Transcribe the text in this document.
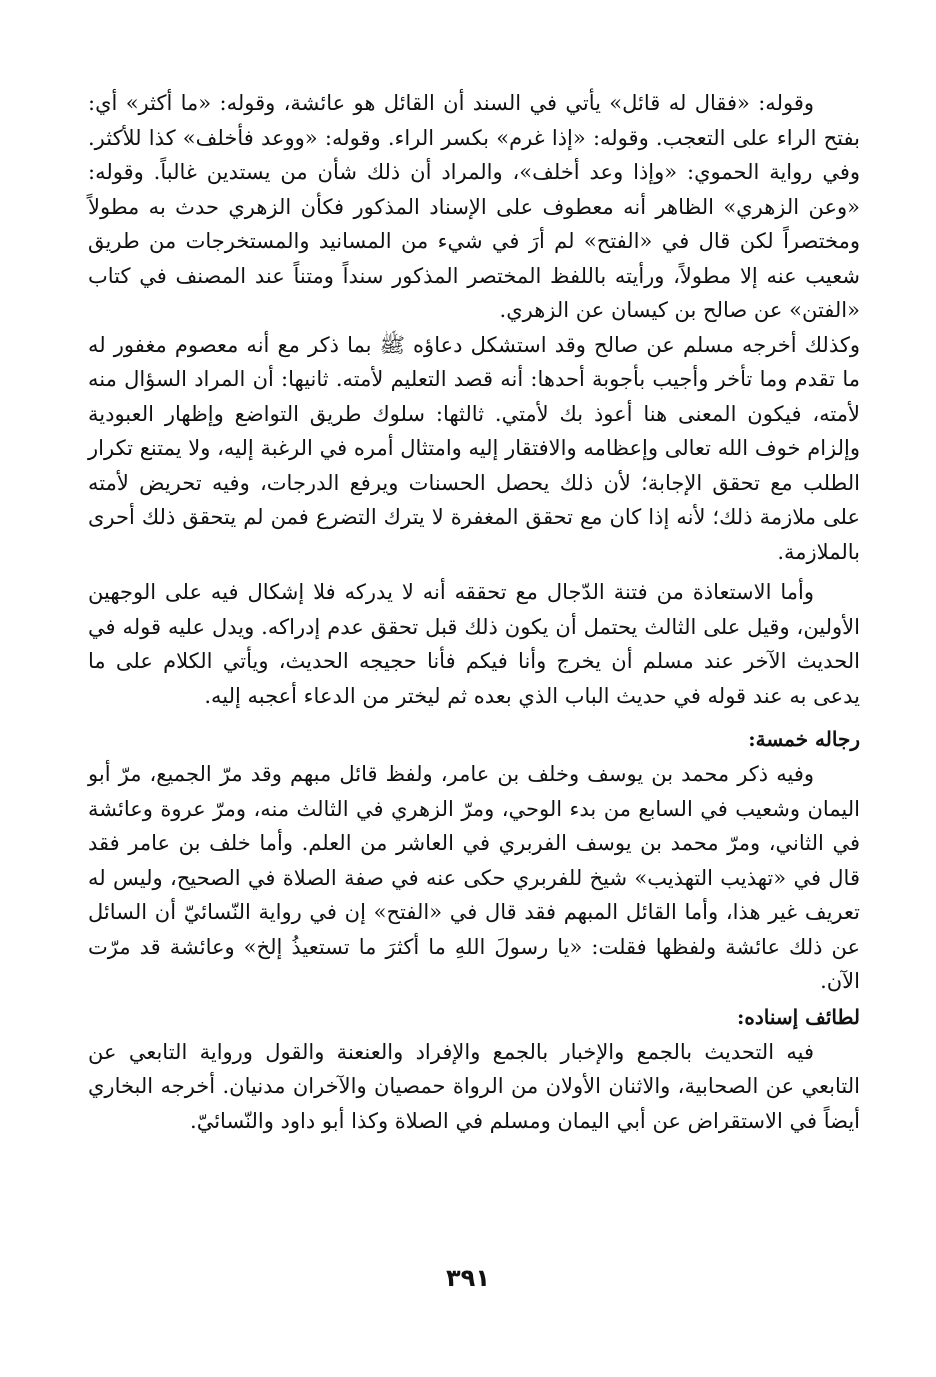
وقوله: «فقال له قائل» يأتي في السند أن القائل هو عائشة، وقوله: «ما أكثر» أي: بفتح الراء على التعجب. وقوله: «إذا غرم» بكسر الراء. وقوله: «ووعد فأخلف» كذا للأكثر. وفي رواية الحموي: «وإذا وعد أخلف»، والمراد أن ذلك شأن من يستدين غالباً. وقوله: «وعن الزهري» الظاهر أنه معطوف على الإسناد المذكور فكأن الزهري حدث به مطولاً ومختصراً لكن قال في «الفتح» لم أرَ في شيء من المسانيد والمستخرجات من طريق شعيب عنه إلا مطولاً، ورأيته باللفظ المختصر المذكور سنداً ومتناً عند المصنف في كتاب «الفتن» عن صالح بن كيسان عن الزهري.

وكذلك أخرجه مسلم عن صالح وقد استشكل دعاؤه ﷺ بما ذكر مع أنه معصوم مغفور له ما تقدم وما تأخر وأجيب بأجوبة أحدها: أنه قصد التعليم لأمته. ثانيها: أن المراد السؤال منه لأمته، فيكون المعنى هنا أعوذ بك لأمتي. ثالثها: سلوك طريق التواضع وإظهار العبودية وإلزام خوف الله تعالى وإعظامه والافتقار إليه وامتثال أمره في الرغبة إليه، ولا يمتنع تكرار الطلب مع تحقق الإجابة؛ لأن ذلك يحصل الحسنات ويرفع الدرجات، وفيه تحريض لأمته على ملازمة ذلك؛ لأنه إذا كان مع تحقق المغفرة لا يترك التضرع فمن لم يتحقق ذلك أحرى بالملازمة.

وأما الاستعاذة من فتنة الدّجال مع تحققه أنه لا يدركه فلا إشكال فيه على الوجهين الأولين، وقيل على الثالث يحتمل أن يكون ذلك قبل تحقق عدم إدراكه. ويدل عليه قوله في الحديث الآخر عند مسلم أن يخرج وأنا فيكم فأنا حجيجه الحديث، ويأتي الكلام على ما يدعى به عند قوله في حديث الباب الذي بعده ثم ليختر من الدعاء أعجبه إليه.

رجاله خمسة:

وفيه ذكر محمد بن يوسف وخلف بن عامر، ولفظ قائل مبهم وقد مرّ الجميع، مرّ أبو اليمان وشعيب في السابع من بدء الوحي، ومرّ الزهري في الثالث منه، ومرّ عروة وعائشة في الثاني، ومرّ محمد بن يوسف الفربري في العاشر من العلم. وأما خلف بن عامر فقد قال في «تهذيب التهذيب» شيخ للفربري حكى عنه في صفة الصلاة في الصحيح، وليس له تعريف غير هذا، وأما القائل المبهم فقد قال في «الفتح» إن في رواية النّسائيّ أن السائل عن ذلك عائشة ولفظها فقلت: «يا رسولَ اللهِ ما أكثرَ ما تستعيذُ إلخ» وعائشة قد مرّت الآن.

لطائف إسناده:

فيه التحديث بالجمع والإخبار بالجمع والإفراد والعنعنة والقول ورواية التابعي عن التابعي عن الصحابية، والاثنان الأولان من الرواة حمصيان والآخران مدنيان. أخرجه البخاري أيضاً في الاستقراض عن أبي اليمان ومسلم في الصلاة وكذا أبو داود والنّسائيّ.

٣٩١
